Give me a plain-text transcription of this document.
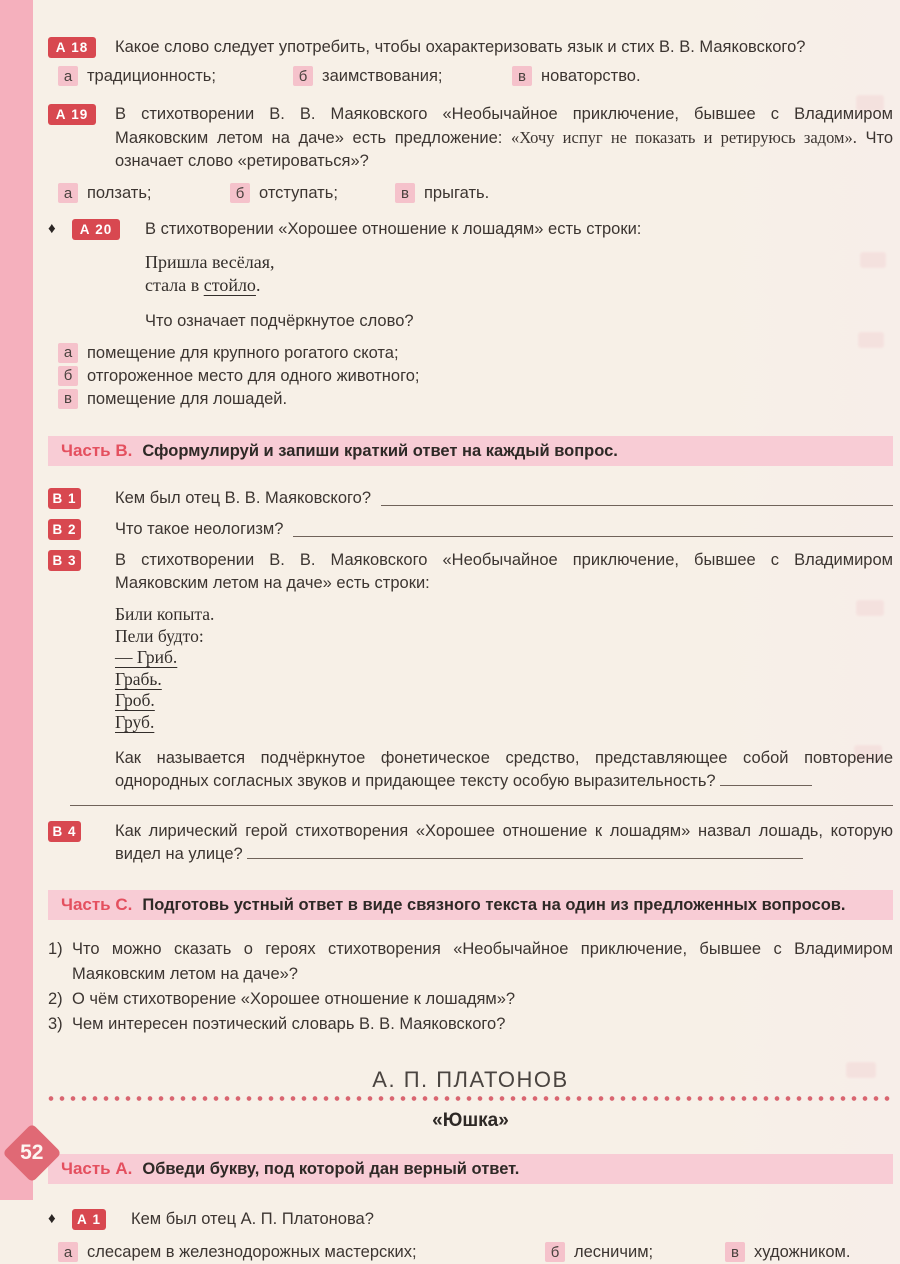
А 18	Какое слово следует употребить, чтобы охарактеризовать язык и стих В. В. Маяковского?
а традиционность;	б заимствования;	в новаторство.
А 19	В стихотворении В. В. Маяковского «Необычайное приключение, бывшее с Владимиром Маяковским летом на даче» есть предложение: «Хочу испуг не показать и ретируюсь задом». Что означает слово «ретироваться»?
а ползать;	б отступать;	в прыгать.
♦	А 20	В стихотворении «Хорошее отношение к лошадям» есть строки:
Пришла весёлая,
стала в стойло.
Что означает подчёркнутое слово?
а помещение для крупного рогатого скота;
б отгороженное место для одного животного;
в помещение для лошадей.
Часть В. Сформулируй и запиши краткий ответ на каждый вопрос.
В 1 Кем был отец В. В. Маяковского?
В 2 Что такое неологизм?
В 3 В стихотворении В. В. Маяковского «Необычайное приключение, бывшее с Владимиром Маяковским летом на даче» есть строки:
Били копыта.
Пели будто:
— Гриб.
Грабь.
Гроб.
Груб.
Как называется подчёркнутое фонетическое средство, представляющее собой повторение однородных согласных звуков и придающее тексту особую выразительность?
В 4 Как лирический герой стихотворения «Хорошее отношение к лошадям» назвал лошадь, которую видел на улице?
Часть С. Подготовь устный ответ в виде связного текста на один из предложенных вопросов.
1) Что можно сказать о героях стихотворения «Необычайное приключение, бывшее с Владимиром Маяковским летом на даче»?
2) О чём стихотворение «Хорошее отношение к лошадям»?
3) Чем интересен поэтический словарь В. В. Маяковского?
А. П. ПЛАТОНОВ
«Юшка»
Часть А. Обведи букву, под которой дан верный ответ.
♦	А 1	Кем был отец А. П. Платонова?
а слесарем в железнодорожных мастерских;	б лесничим;	в художником.
52
